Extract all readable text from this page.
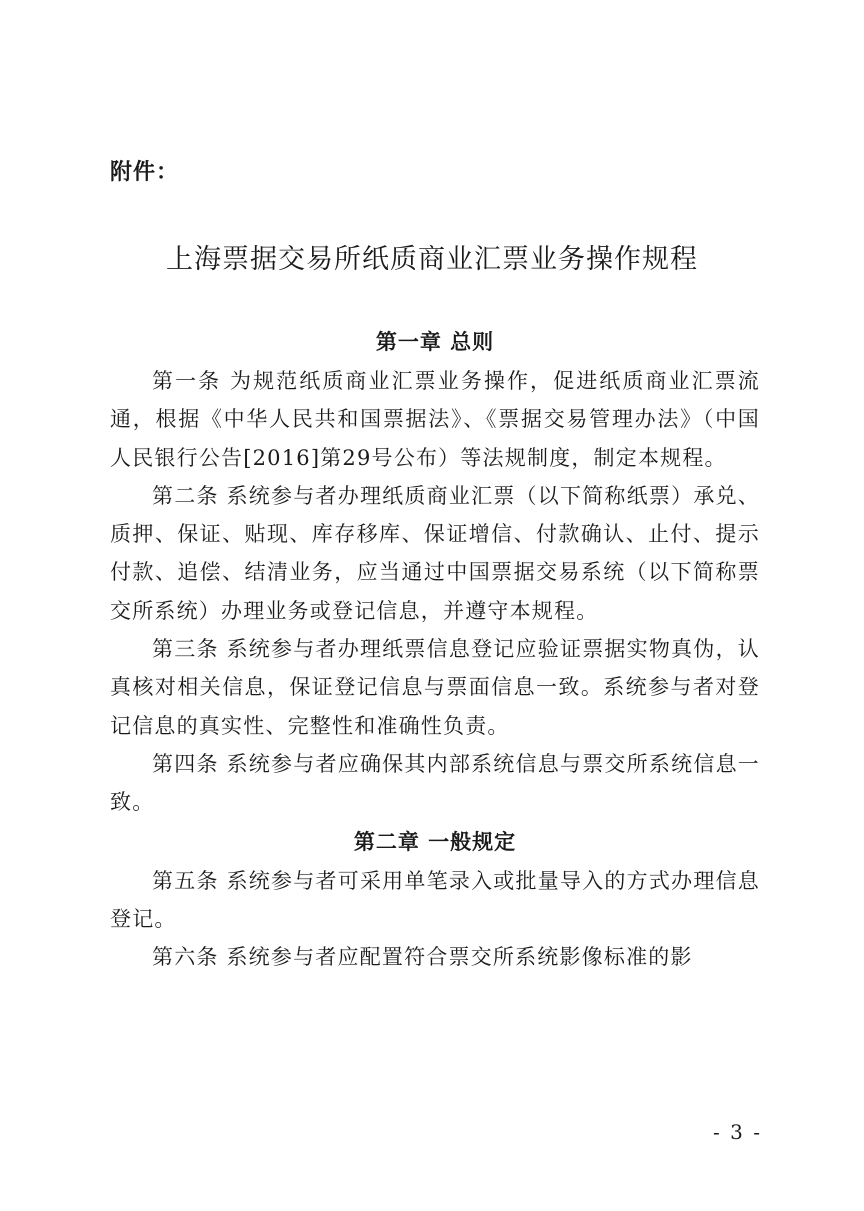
附件：
上海票据交易所纸质商业汇票业务操作规程
第一章 总则

第一条 为规范纸质商业汇票业务操作，促进纸质商业汇票流通，根据《中华人民共和国票据法》、《票据交易管理办法》（中国人民银行公告[2016]第29号公布）等法规制度，制定本规程。

第二条 系统参与者办理纸质商业汇票（以下简称纸票）承兑、质押、保证、贴现、库存移库、保证增信、付款确认、止付、提示付款、追偿、结清业务，应当通过中国票据交易系统（以下简称票交所系统）办理业务或登记信息，并遵守本规程。

第三条 系统参与者办理纸票信息登记应验证票据实物真伪，认真核对相关信息，保证登记信息与票面信息一致。系统参与者对登记信息的真实性、完整性和准确性负责。

第四条 系统参与者应确保其内部系统信息与票交所系统信息一致。

第二章 一般规定

第五条 系统参与者可采用单笔录入或批量导入的方式办理信息登记。

第六条 系统参与者应配置符合票交所系统影像标准的影

- 3 -
